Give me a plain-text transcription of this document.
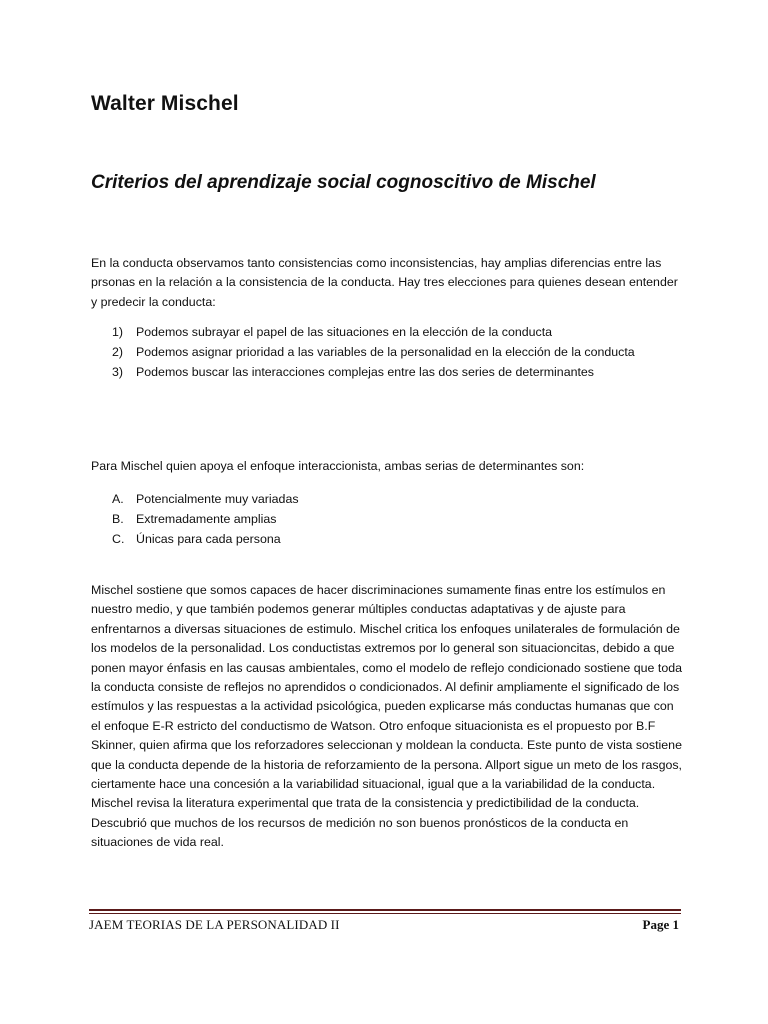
Walter Mischel
Criterios del aprendizaje social cognoscitivo de Mischel

En la conducta observamos tanto consistencias como inconsistencias, hay amplias diferencias entre las prsonas en la relación a la consistencia de la conducta. Hay tres elecciones para quienes desean entender y predecir la conducta:

1) Podemos subrayar el papel de las situaciones en la elección de la conducta
2) Podemos asignar prioridad a las variables de la personalidad en la elección de la conducta
3) Podemos buscar las interacciones complejas entre las dos series de determinantes

Para Mischel quien apoya el enfoque interaccionista, ambas serias de determinantes son:

A. Potencialmente muy variadas
B. Extremadamente amplias
C. Únicas para cada persona

Mischel sostiene que somos capaces de hacer discriminaciones sumamente finas entre los estímulos en nuestro medio, y que también podemos generar múltiples conductas adaptativas y de ajuste para enfrentarnos a diversas situaciones de estimulo. Mischel critica los enfoques unilaterales de formulación de los modelos de la personalidad. Los conductistas extremos por lo general son situacioncitas, debido a que ponen mayor énfasis en las causas ambientales, como el modelo de reflejo condicionado sostiene que toda la conducta consiste de reflejos no aprendidos o condicionados. Al definir ampliamente el significado de los estímulos y las respuestas a la actividad psicológica, pueden explicarse más conductas humanas que con el enfoque E-R estricto del conductismo de Watson. Otro enfoque situacionista es el propuesto por B.F Skinner, quien afirma que los reforzadores seleccionan y moldean la conducta. Este punto de vista sostiene que la conducta depende de la historia de reforzamiento de la persona. Allport sigue un meto de los rasgos, ciertamente hace una concesión a la variabilidad situacional, igual que a la variabilidad de la conducta. Mischel revisa la literatura experimental que trata de la consistencia y predictibilidad de la conducta. Descubrió que muchos de los recursos de medición no son buenos pronósticos de la conducta en situaciones de vida real.

JAEM TEORIAS DE LA PERSONALIDAD II	Page 1
